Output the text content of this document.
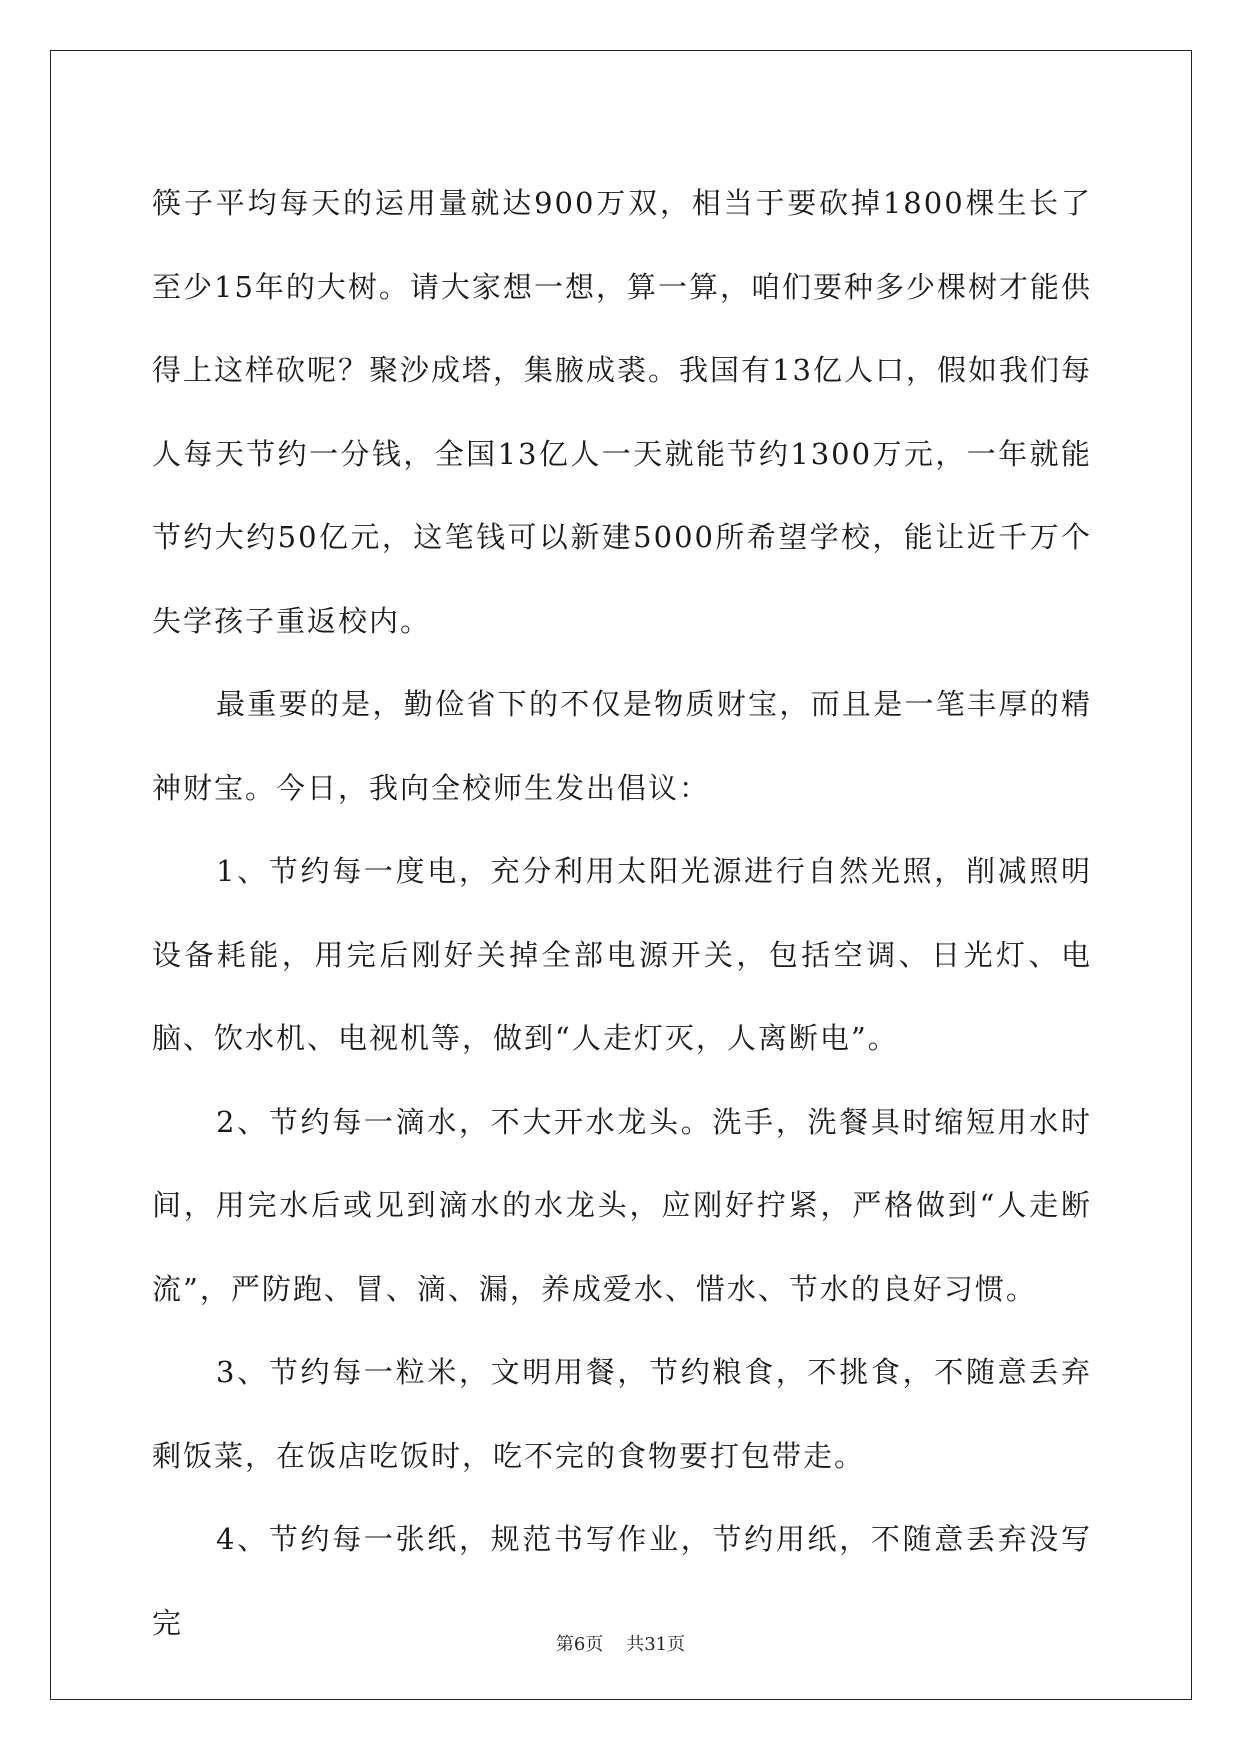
筷子平均每天的运用量就达900万双，相当于要砍掉1800棵生长了至少15年的大树。请大家想一想，算一算，咱们要种多少棵树才能供得上这样砍呢？聚沙成塔，集腋成裘。我国有13亿人口，假如我们每人每天节约一分钱，全国13亿人一天就能节约1300万元，一年就能节约大约50亿元，这笔钱可以新建5000所希望学校，能让近千万个失学孩子重返校内。

最重要的是，勤俭省下的不仅是物质财宝，而且是一笔丰厚的精神财宝。今日，我向全校师生发出倡议：

1、节约每一度电，充分利用太阳光源进行自然光照，削减照明设备耗能，用完后刚好关掉全部电源开关，包括空调、日光灯、电脑、饮水机、电视机等，做到“人走灯灭，人离断电”。

2、节约每一滴水，不大开水龙头。洗手，洗餐具时缩短用水时间，用完水后或见到滴水的水龙头，应刚好拧紧，严格做到“人走断流”，严防跑、冒、滴、漏，养成爱水、惜水、节水的良好习惯。

3、节约每一粒米，文明用餐，节约粮食，不挑食，不随意丢弃剩饭菜，在饭店吃饭时，吃不完的食物要打包带走。

4、节约每一张纸，规范书写作业，节约用纸，不随意丢弃没写完

第6页    共31页
